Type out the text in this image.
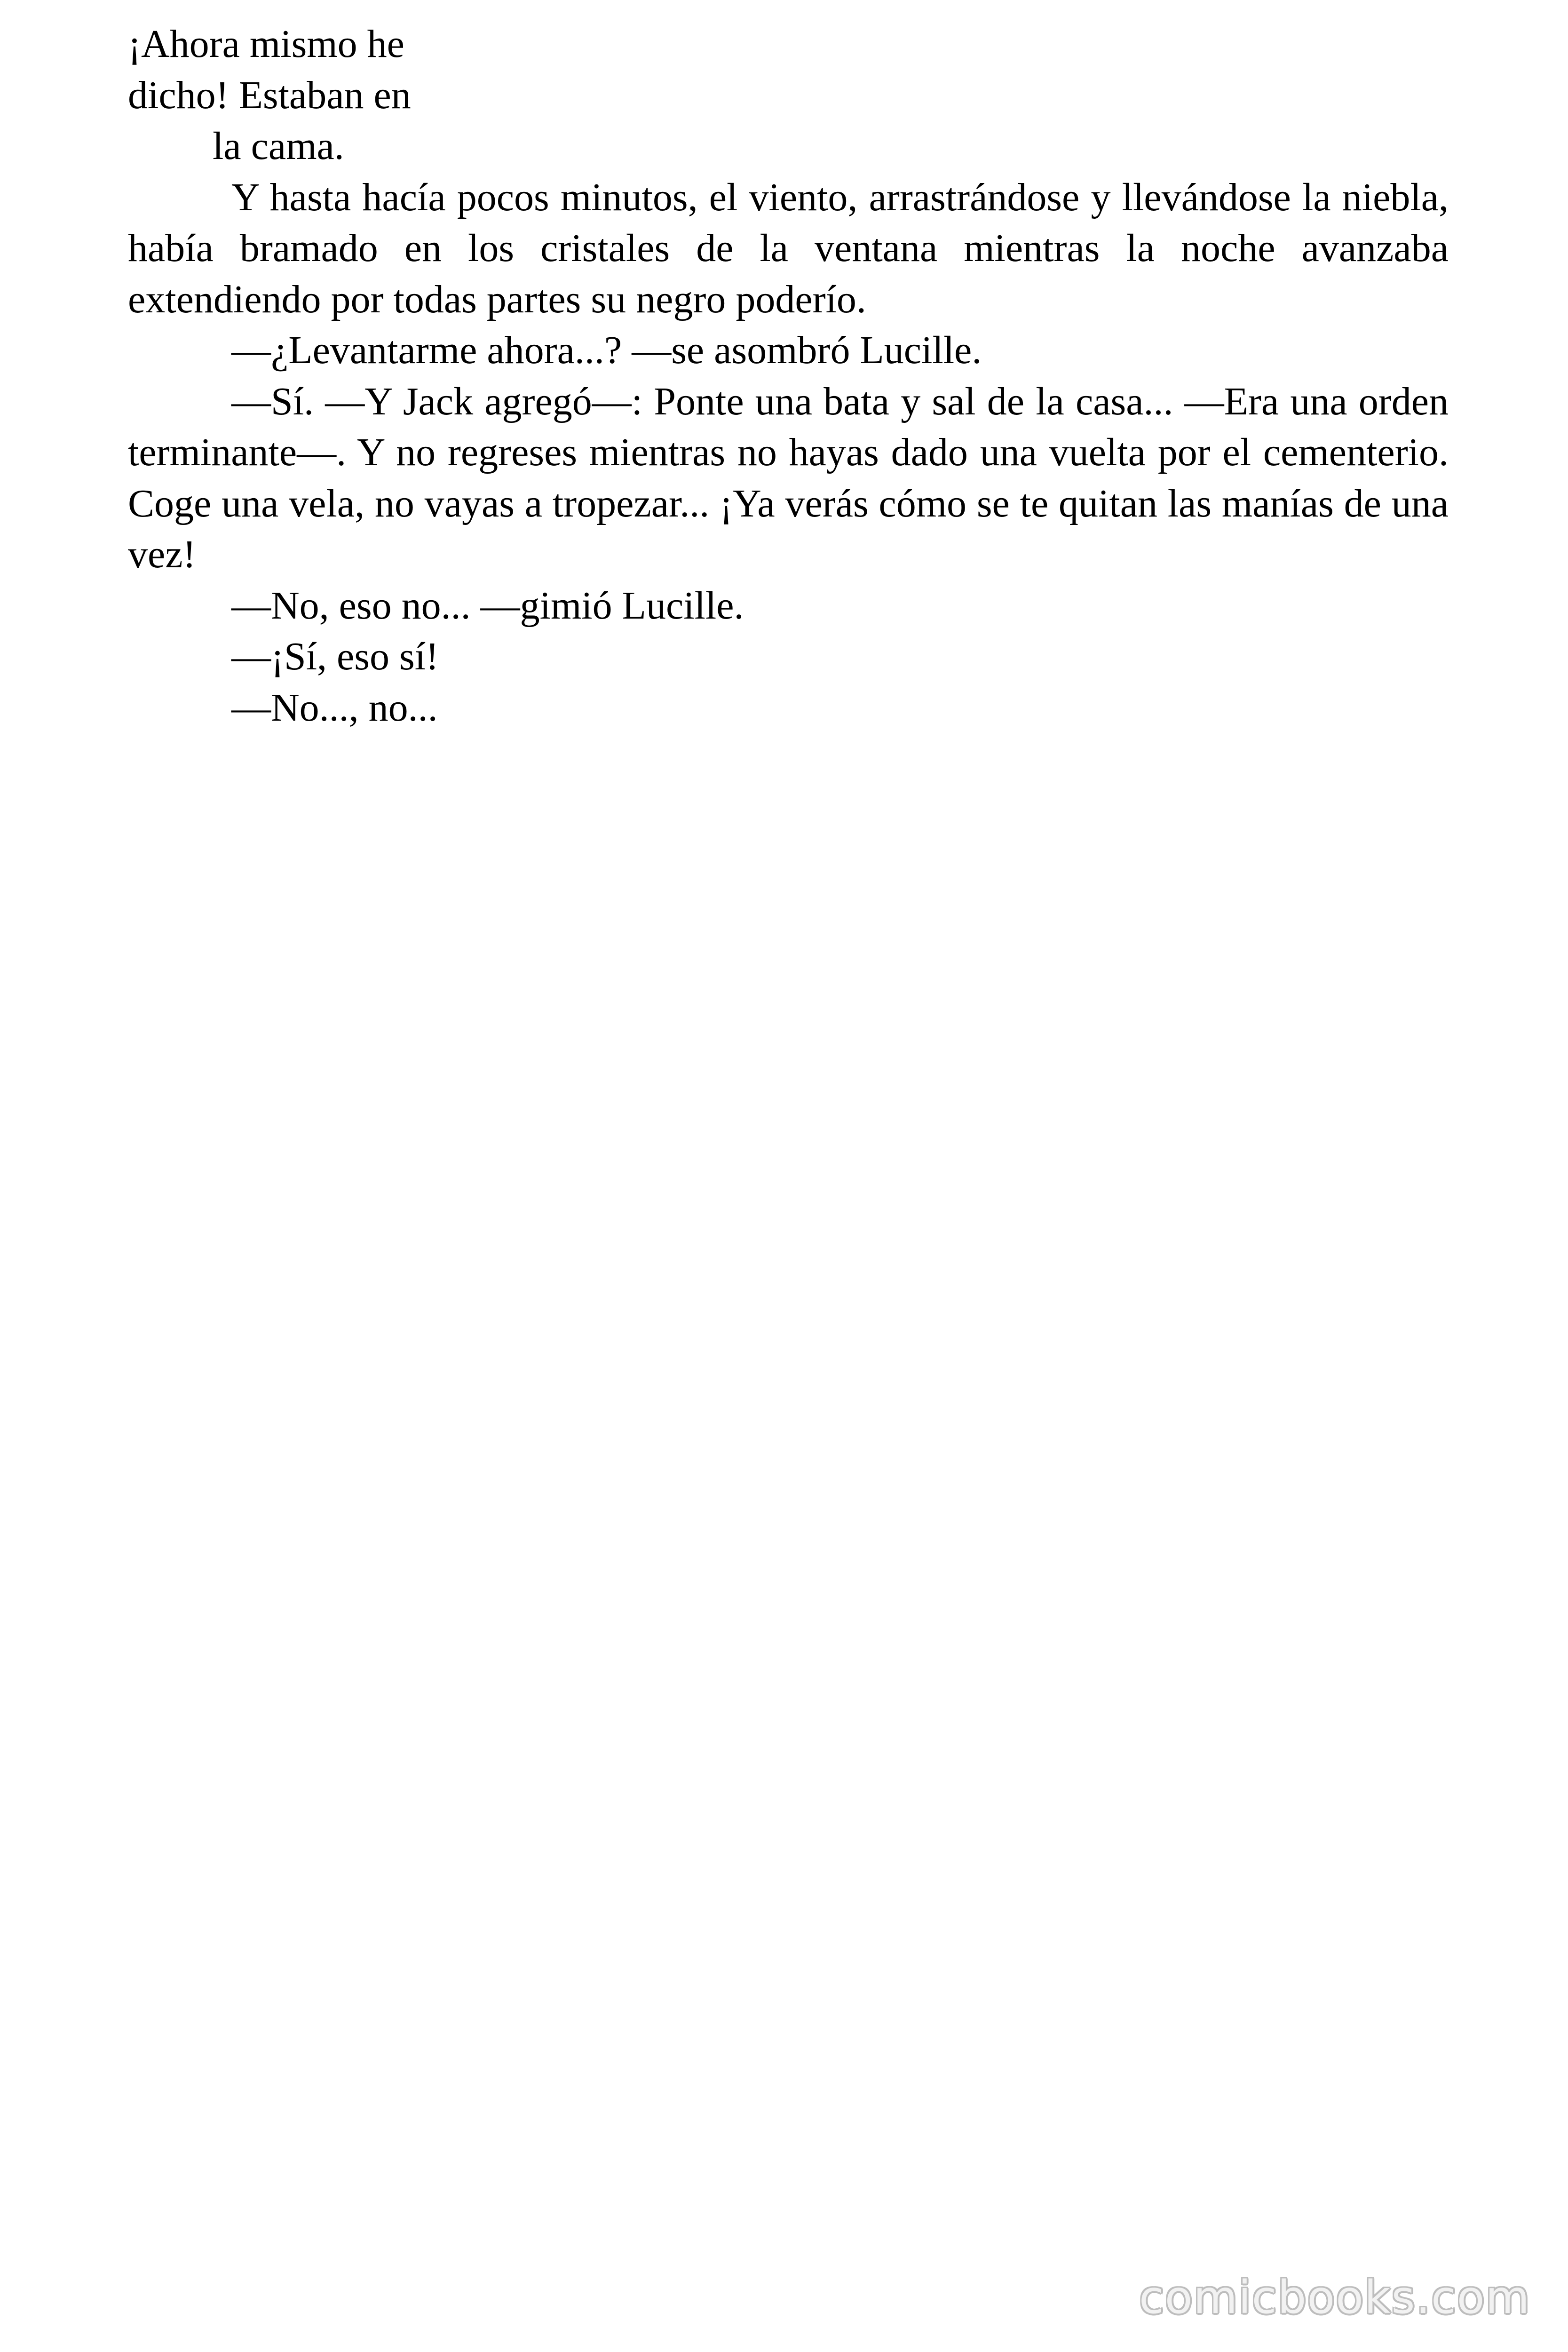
¡Ahora mismo he
dicho! Estaban en
la cama.

Y hasta hacía pocos minutos, el viento, arrastrándose y llevándose la niebla, había bramado en los cristales de la ventana mientras la noche avanzaba extendiendo por todas partes su negro poderío.

—¿Levantarme ahora...? —se asombró Lucille.

—Sí. —Y Jack agregó—: Ponte una bata y sal de la casa... —Era una orden terminante—. Y no regreses mientras no hayas dado una vuelta por el cementerio. Coge una vela, no vayas a tropezar... ¡Ya verás cómo se te quitan las manías de una vez!

—No, eso no... —gimió Lucille.

—¡Sí, eso sí!

—No..., no...

comicbooks.com
